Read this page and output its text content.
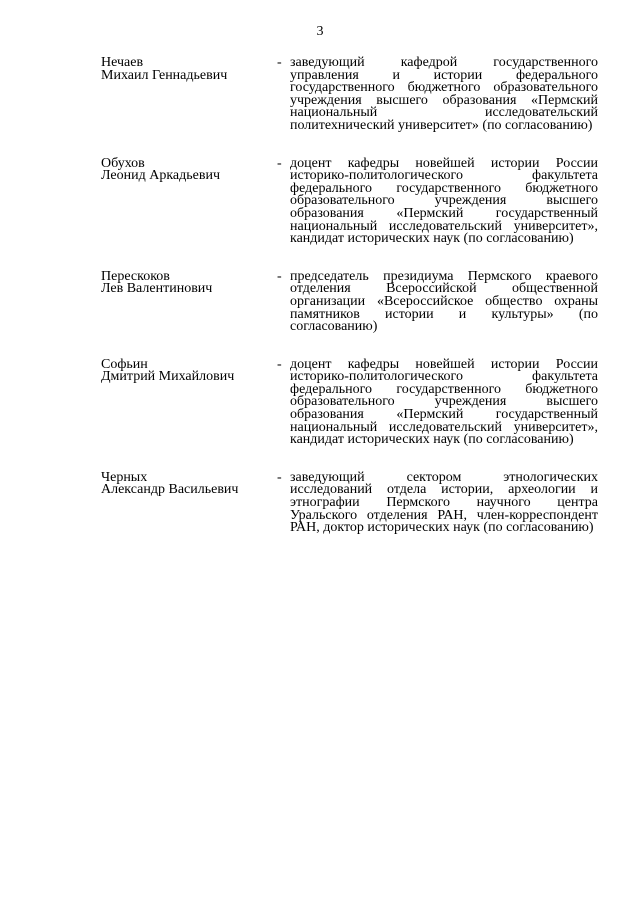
3
Нечаев
Михаил Геннадьевич
- заведующий кафедрой государственного управления и истории федерального государственного бюджетного образовательного учреждения высшего образования «Пермский национальный исследовательский политехнический университет» (по согласованию)
Обухов
Леонид Аркадьевич
- доцент кафедры новейшей истории России историко-политологического факультета федерального государственного бюджетного образовательного учреждения высшего образования «Пермский государственный национальный исследовательский университет», кандидат исторических наук (по согласованию)
Перескоков
Лев Валентинович
- председатель президиума Пермского краевого отделения Всероссийской общественной организации «Всероссийское общество охраны памятников истории и культуры» (по согласованию)
Софьин
Дмитрий Михайлович
- доцент кафедры новейшей истории России историко-политологического факультета федерального государственного бюджетного образовательного учреждения высшего образования «Пермский государственный национальный исследовательский университет», кандидат исторических наук (по согласованию)
Черных
Александр Васильевич
- заведующий сектором этнологических исследований отдела истории, археологии и этнографии Пермского научного центра Уральского отделения РАН, член-корреспондент РАН, доктор исторических наук (по согласованию)
